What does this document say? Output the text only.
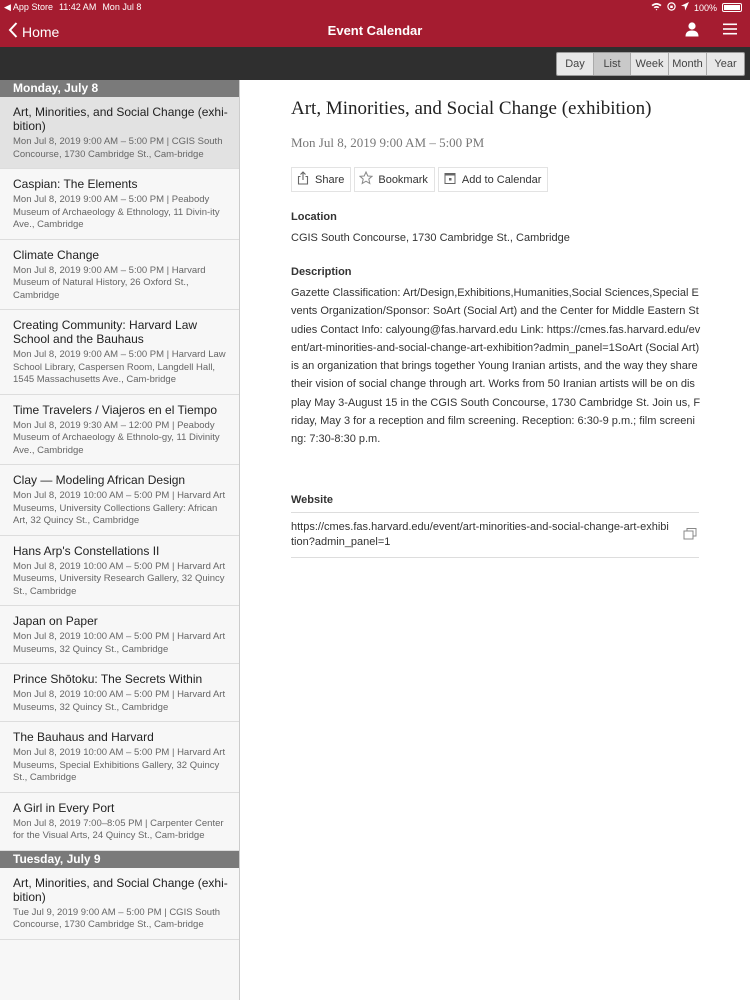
◀ App Store 11:42 AM Mon Jul 8	100%
Home	Event Calendar
Day	List	Week Month	Year
Monday, July 8
Art, Minorities, and Social Change (exhi-bition)
Mon Jul 8, 2019 9:00 AM – 5:00 PM | CGIS South Concourse, 1730 Cambridge St., Cam-bridge
Caspian: The Elements
Mon Jul 8, 2019 9:00 AM – 5:00 PM | Peabody Museum of Archaeology & Ethnology, 11 Divin-ity Ave., Cambridge
Climate Change
Mon Jul 8, 2019 9:00 AM – 5:00 PM | Harvard Museum of Natural History, 26 Oxford St., Cambridge
Creating Community: Harvard Law School and the Bauhaus
Mon Jul 8, 2019 9:00 AM – 5:00 PM | Harvard Law School Library, Caspersen Room, Langdell Hall, 1545 Massachusetts Ave., Cam-bridge
Time Travelers / Viajeros en el Tiempo
Mon Jul 8, 2019 9:30 AM – 12:00 PM | Peabody Museum of Archaeology & Ethnolo-gy, 11 Divinity Ave., Cambridge
Clay — Modeling African Design
Mon Jul 8, 2019 10:00 AM – 5:00 PM | Harvard Art Museums, University Collections Gallery: African Art, 32 Quincy St., Cambridge
Hans Arp's Constellations II
Mon Jul 8, 2019 10:00 AM – 5:00 PM | Harvard Art Museums, University Research Gallery, 32 Quincy St., Cambridge
Japan on Paper
Mon Jul 8, 2019 10:00 AM – 5:00 PM | Harvard Art Museums, 32 Quincy St., Cambridge
Prince Shōtoku: The Secrets Within
Mon Jul 8, 2019 10:00 AM – 5:00 PM | Harvard Art Museums, 32 Quincy St., Cambridge
The Bauhaus and Harvard
Mon Jul 8, 2019 10:00 AM – 5:00 PM | Harvard Art Museums, Special Exhibitions Gallery, 32 Quincy St., Cambridge
A Girl in Every Port
Mon Jul 8, 2019 7:00–8:05 PM | Carpenter Center for the Visual Arts, 24 Quincy St., Cam-bridge
Tuesday, July 9
Art, Minorities, and Social Change (exhi-bition)
Tue Jul 9, 2019 9:00 AM – 5:00 PM | CGIS South Concourse, 1730 Cambridge St., Cam-bridge
Art, Minorities, and Social Change (exhibition)
Mon Jul 8, 2019 9:00 AM – 5:00 PM
Share	Bookmark	Add to Calendar
Location
CGIS South Concourse, 1730 Cambridge St., Cambridge
Description
Gazette Classification: Art/Design,Exhibitions,Humanities,Social Sciences,Special Events Organization/Sponsor: SoArt (Social Art) and the Center for Middle Eastern Studies Contact Info: calyoung@fas.harvard.edu Link: https://cmes.fas.harvard.edu/event/art-minorities-and-social-change-art-exhibition?admin_panel=1SoArt (Social Art) is an organization that brings together Young Iranian artists, and the way they share their vision of social change through art. Works from 50 Iranian artists will be on display May 3-August 15 in the CGIS South Concourse, 1730 Cambridge St. Join us, Friday, May 3 for a reception and film screening. Reception: 6:30-9 p.m.; film screening: 7:30-8:30 p.m.
Website
https://cmes.fas.harvard.edu/event/art-minorities-and-social-change-art-exhibition?admin_panel=1
